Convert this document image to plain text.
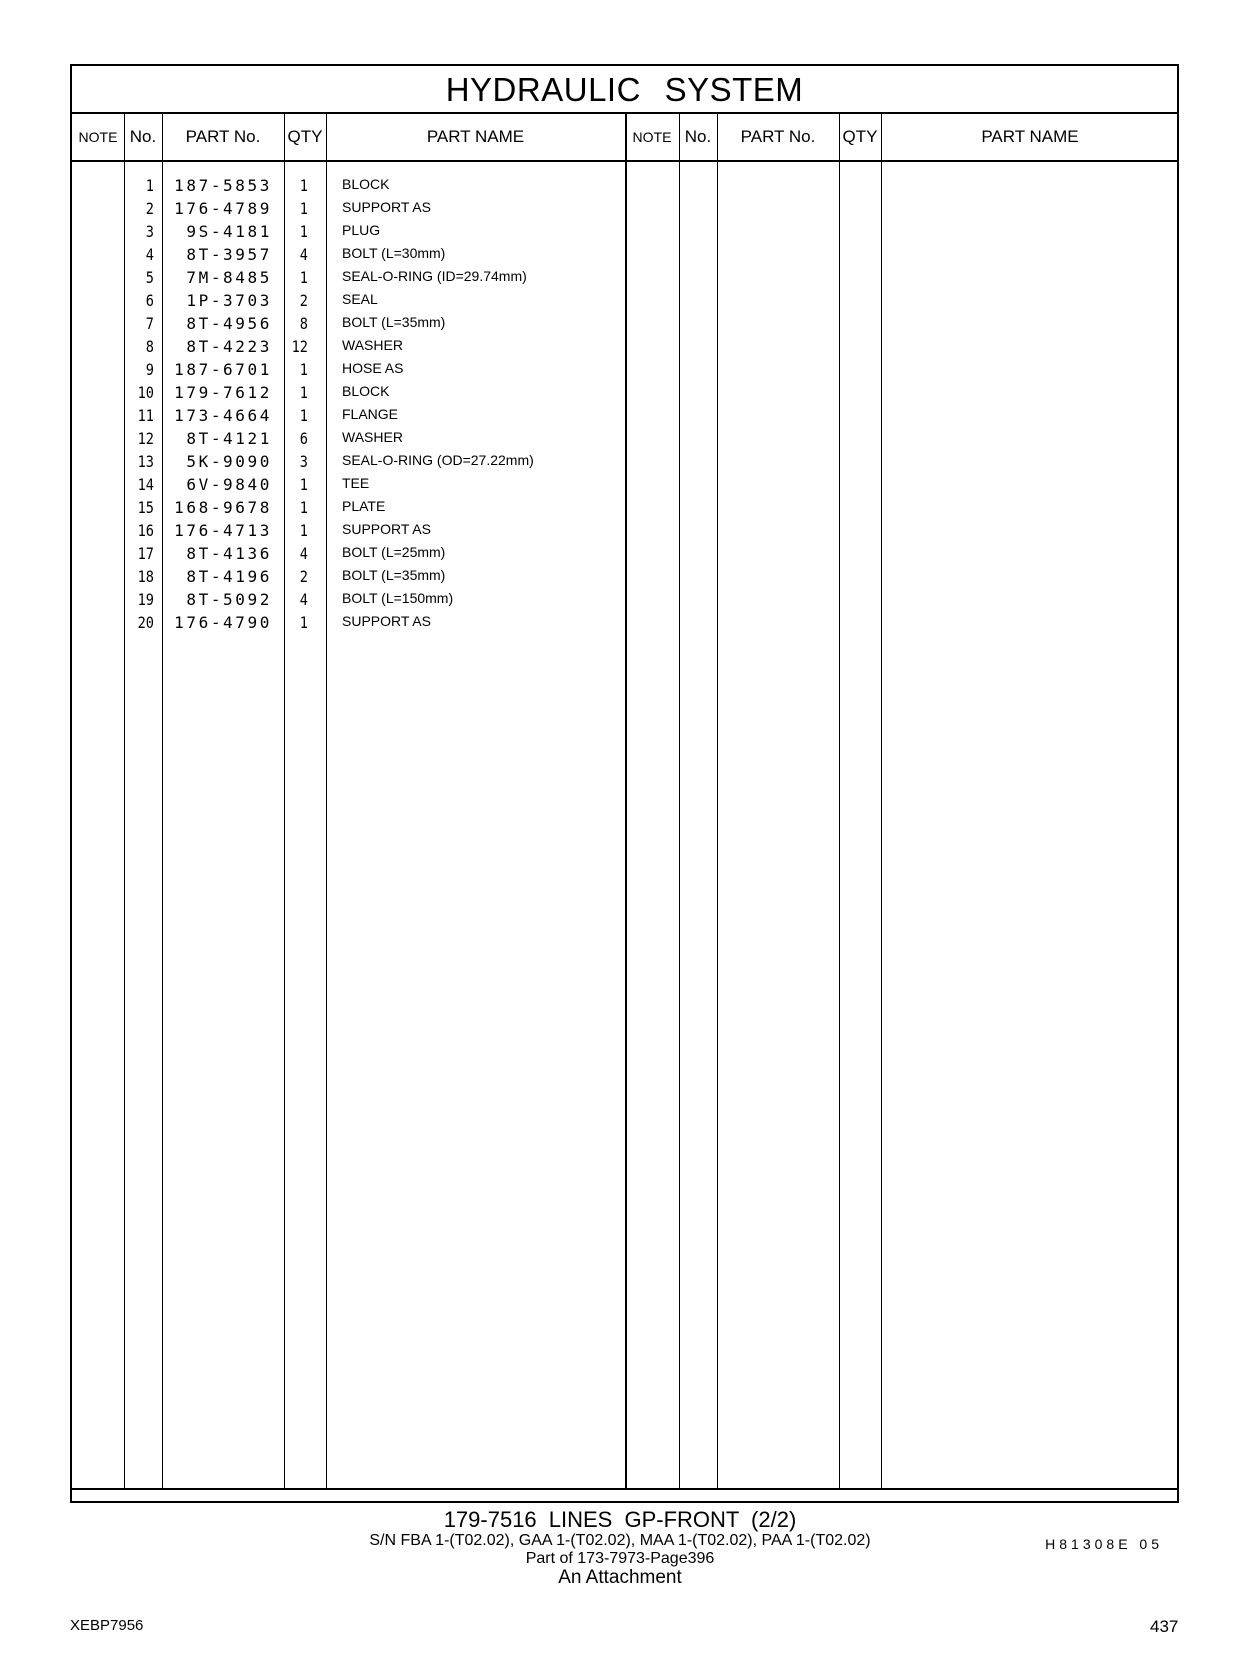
HYDRAULIC SYSTEM
NOTE No.	PART No.	QTY	PART NAME	NOTE No.	PART No.	QTY	PART NAME
1	187-5853	1 BLOCK
2	176-4789	1 SUPPORT AS
3	9S-4181	1 PLUG
4	8T-3957	4 BOLT (L=30mm)
5	7M-8485	1 SEAL-O-RING (ID=29.74mm)
6	1P-3703	2 SEAL
7	8T-4956	8 BOLT (L=35mm)
8	8T-4223	12 WASHER
9	187-6701	1 HOSE AS
10	179-7612	1 BLOCK
11	173-4664	1 FLANGE
12	8T-4121	6 WASHER
13	5K-9090	3 SEAL-O-RING (OD=27.22mm)
14	6V-9840	1 TEE
15	168-9678	1 PLATE
16	176-4713	1 SUPPORT AS
17	8T-4136	4 BOLT (L=25mm)
18	8T-4196	2 BOLT (L=35mm)
19	8T-5092	4 BOLT (L=150mm)
20	176-4790	1 SUPPORT AS
H81308E 05
179-7516 LINES GP-FRONT (2/2)
S/N FBA 1-(T02.02), GAA 1-(T02.02), MAA 1-(T02.02), PAA 1-(T02.02)
Part of 173-7973-Page396
An Attachment
XEBP7956	437
